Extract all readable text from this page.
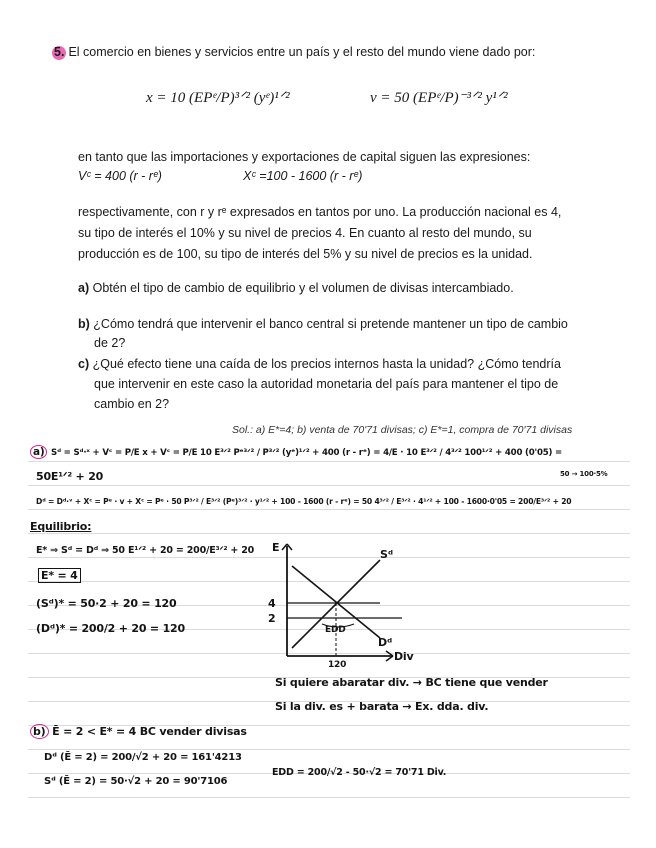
5. El comercio en bienes y servicios entre un país y el resto del mundo viene dado por:
x = 10 (EPᵉ/P)³ᐟ² (yᵉ)¹ᐟ²	v = 50 (EPᵉ/P)⁻³ᐟ² y¹ᐟ²
en tanto que las importaciones y exportaciones de capital siguen las expresiones:
Vᶜ = 400 (r - rᵉ)	Xᶜ =100 - 1600 (r - rᵉ)
respectivamente, con r y rᵉ expresados en tantos por uno. La producción nacional es 4,
su tipo de interés el 10% y su nivel de precios 4. En cuanto al resto del mundo, su
producción es de 100, su tipo de interés del 5% y su nivel de precios es la unidad.
a) Obtén el tipo de cambio de equilibrio y el volumen de divisas intercambiado.
b) ¿Cómo tendrá que intervenir el banco central si pretende mantener un tipo de cambio
de 2?
c) ¿Qué efecto tiene una caída de los precios internos hasta la unidad? ¿Cómo tendría
que intervenir en este caso la autoridad monetaria del país para mantener el tipo de
cambio en 2?
Sol.: a) E*=4; b) venta de 70'71 divisas; c) E*=1, compra de 70'71 divisas
a) Sᵈ = Sᵈ·ˣ + Vᶜ = P/E x + Vᶜ = P/E 10 E³ᐟ² Pᵉ³ᐟ² / P³ᐟ² (yᵉ)¹ᐟ² + 400 (r - rᵉ) = 4/E · 10 E³ᐟ² / 4³ᐟ² 100¹ᐟ² + 400 (0'05) =
50E¹ᐟ² + 20	50 → 100·5%
Dᵈ = Dᵈ·ᵛ + Xᶜ = Pᵉ · v + Xᶜ = Pᵉ · 50 P³ᐟ² / E³ᐟ² (Pᵉ)³ᐟ² · y¹ᐟ² + 100 - 1600 (r - rᵉ) = 50 4³ᐟ² / E³ᐟ² · 4¹ᐟ² + 100 - 1600·0'05 = 200/E³ᐟ² + 20
Equilibrio:
E* ⇒ Sᵈ = Dᵈ ⇒ 50 E¹ᐟ² + 20 = 200/E³ᐟ² + 20
E* = 4
(Sᵈ)* = 50·2 + 20 = 120
(Dᵈ)* = 200/2 + 20 = 120
E
Sᵈ
Dᵈ
4
2
EDD
120
Div
Si quiere abaratar div. → BC tiene que vender
Si la div. es + barata → Ex. dda. div.
b) Ē = 2 < E* = 4 BC vender divisas
Dᵈ (Ē = 2) = 200/√2 + 20 = 161'4213
Sᵈ (Ē = 2) = 50·√2 + 20 = 90'7106
EDD = 200/√2 - 50·√2 = 70'71 Div.
